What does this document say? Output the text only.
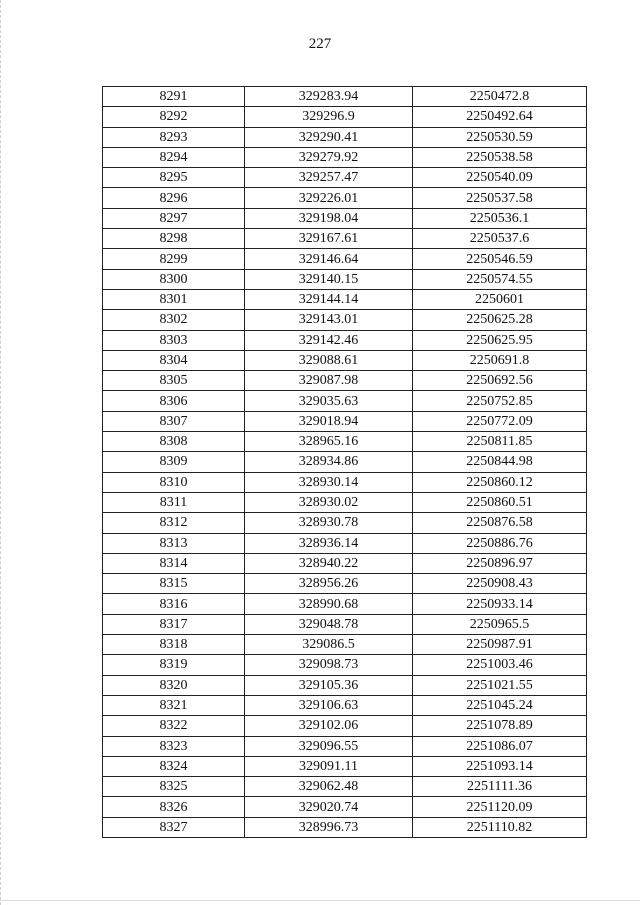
227
8291	329283.94	2250472.8
8292	329296.9	2250492.64
8293	329290.41	2250530.59
8294	329279.92	2250538.58
8295	329257.47	2250540.09
8296	329226.01	2250537.58
8297	329198.04	2250536.1
8298	329167.61	2250537.6
8299	329146.64	2250546.59
8300	329140.15	2250574.55
8301	329144.14	2250601
8302	329143.01	2250625.28
8303	329142.46	2250625.95
8304	329088.61	2250691.8
8305	329087.98	2250692.56
8306	329035.63	2250752.85
8307	329018.94	2250772.09
8308	328965.16	2250811.85
8309	328934.86	2250844.98
8310	328930.14	2250860.12
8311	328930.02	2250860.51
8312	328930.78	2250876.58
8313	328936.14	2250886.76
8314	328940.22	2250896.97
8315	328956.26	2250908.43
8316	328990.68	2250933.14
8317	329048.78	2250965.5
8318	329086.5	2250987.91
8319	329098.73	2251003.46
8320	329105.36	2251021.55
8321	329106.63	2251045.24
8322	329102.06	2251078.89
8323	329096.55	2251086.07
8324	329091.11	2251093.14
8325	329062.48	2251111.36
8326	329020.74	2251120.09
8327	328996.73	2251110.82
